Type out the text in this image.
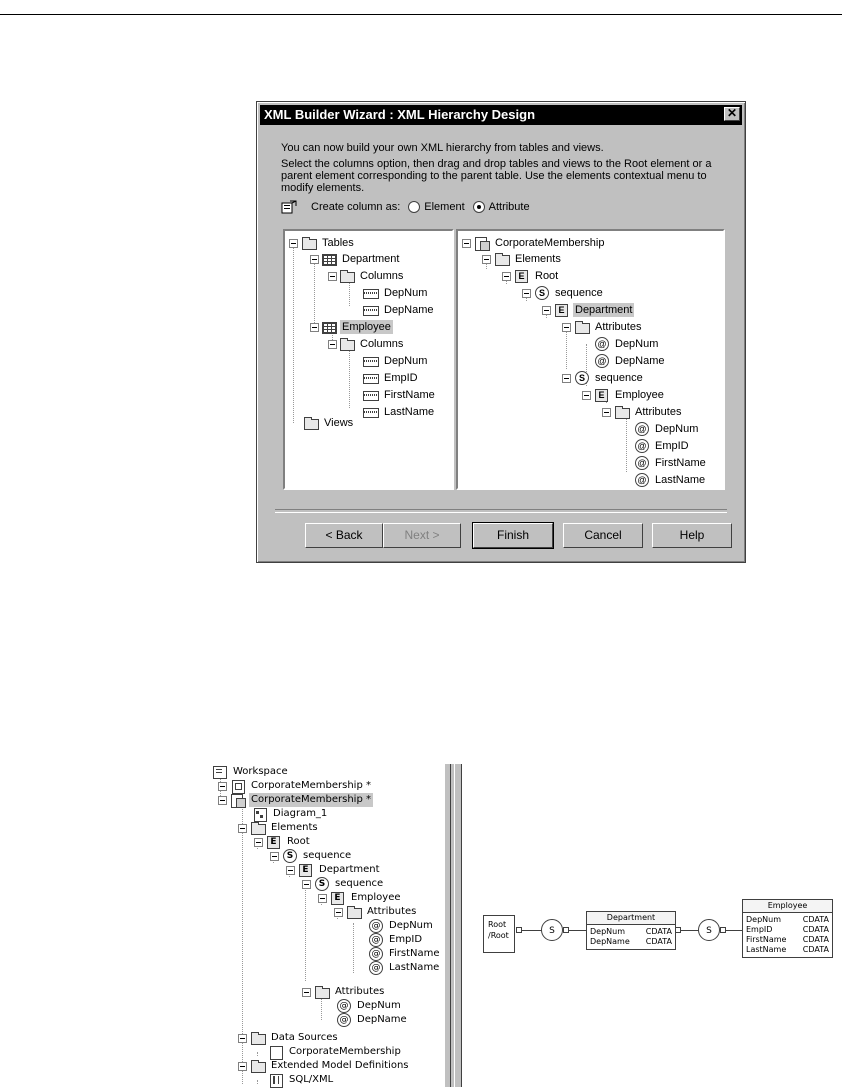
XML Builder Wizard : XML Hierarchy Design	✕

You can now build your own XML hierarchy from tables and views.

Select the columns option, then drag and drop tables and views to the Root element or a parent element corresponding to the parent table. Use the elements contextual menu to modify elements.

Create column as: Element Attribute
Tables
Department
Columns
DepNum
DepName
Employee
Columns
DepNum
EmpID
FirstName
LastName
Views
CorporateMembership
Elements
E
Root
S
sequence
E
Department
Attributes
@
DepNum
@
DepName
S
sequence
E
Employee
Attributes
@
DepNum
@
EmpID
@
FirstName
@
LastName
< Back	Next >	Finish	Cancel	Help
Workspace
CorporateMembership *
CorporateMembership *
Diagram_1
Elements
E
Root
S
sequence
E
Department
S
sequence
E
Employee
Attributes
@
DepNum
@
EmpID
@
FirstName
@
LastName
Attributes
@
DepNum
@
DepName
Data Sources
CorporateMembership
Extended Model Definitions
SQL/XML
Root
/Root	S
Department
DepNum	CDATA
DepName CDATA
S
Employee
DepNum	CDATA
EmpID	CDATA
FirstName CDATA
LastName CDATA
